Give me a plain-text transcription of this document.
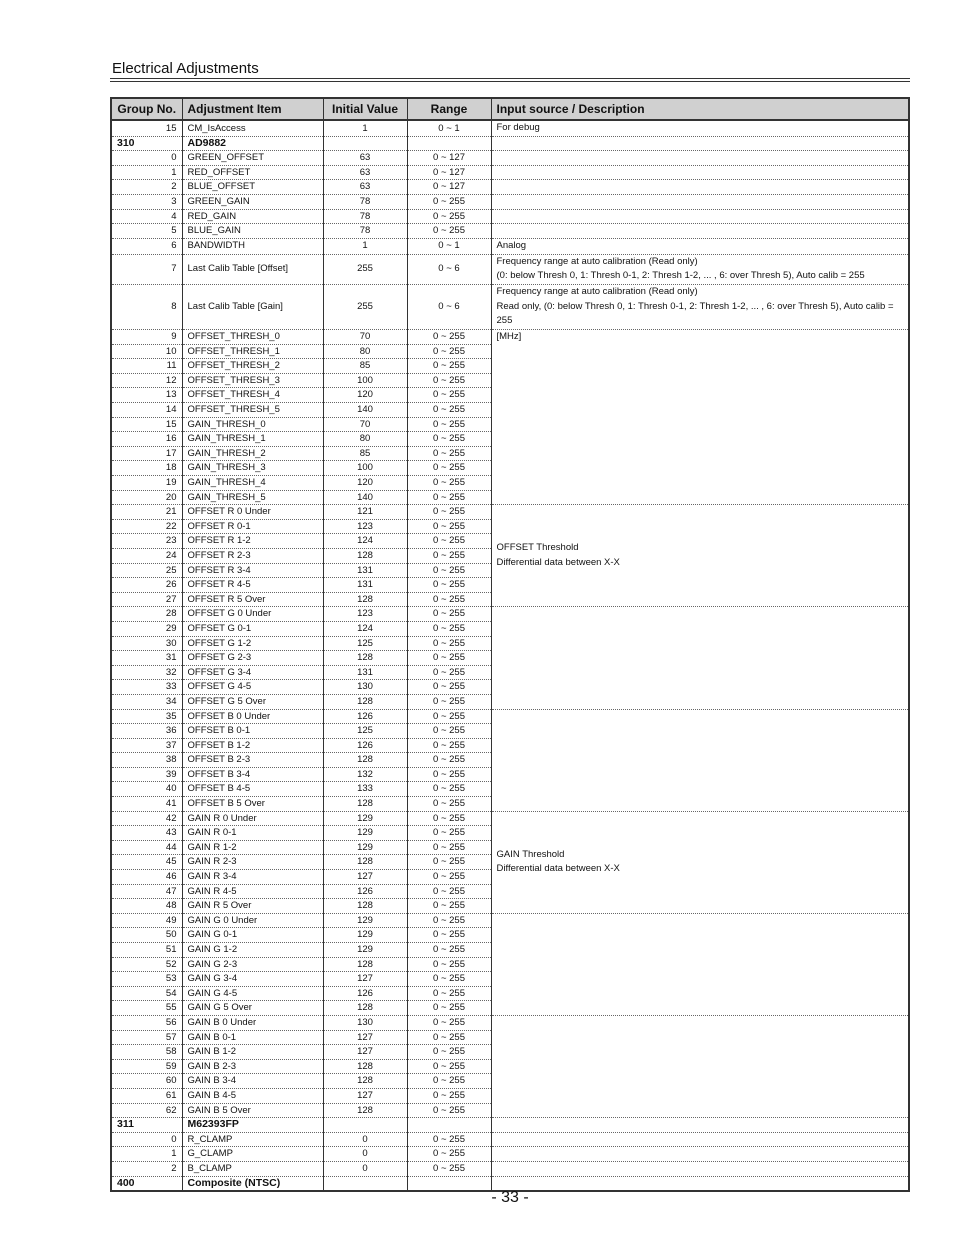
Electrical Adjustments
Group No.	Adjustment Item	Initial Value	Range	Input source / Description
15	CM_IsAccess	1	0 ~ 1	For debug

310	AD9882			
0	GREEN_OFFSET	63	0 ~ 127	
1	RED_OFFSET	63	0 ~ 127	
2	BLUE_OFFSET	63	0 ~ 127	
3	GREEN_GAIN	78	0 ~ 255	
4	RED_GAIN	78	0 ~ 255	
5	BLUE_GAIN	78	0 ~ 255	
6	BANDWIDTH	1	0 ~ 1	Analog

7	Last Calib Table [Offset]	255	0 ~ 6	Frequency range at auto calibration (Read only)
(0: below Thresh 0, 1: Thresh 0-1, 2: Thresh 1-2, ... , 6: over Thresh 5), Auto calib = 255

8	Last Calib Table [Gain]	255	0 ~ 6	Frequency range at auto calibration (Read only)
Read only, (0: below Thresh 0, 1: Thresh 0-1, 2: Thresh 1-2, ... , 6: over Thresh 5), Auto calib = 255

9	OFFSET_THRESH_0	70	0 ~ 255	[MHz]

10	OFFSET_THRESH_1	80	0 ~ 255	
11	OFFSET_THRESH_2	85	0 ~ 255	
12	OFFSET_THRESH_3	100	0 ~ 255	
13	OFFSET_THRESH_4	120	0 ~ 255	
14	OFFSET_THRESH_5	140	0 ~ 255	
15	GAIN_THRESH_0	70	0 ~ 255	
16	GAIN_THRESH_1	80	0 ~ 255	
17	GAIN_THRESH_2	85	0 ~ 255	
18	GAIN_THRESH_3	100	0 ~ 255	
19	GAIN_THRESH_4	120	0 ~ 255	
20	GAIN_THRESH_5	140	0 ~ 255	
21	OFFSET R 0 Under	121	0 ~ 255	OFFSET Threshold
Differential data between X-X

22	OFFSET R 0-1	123	0 ~ 255	
23	OFFSET R 1-2	124	0 ~ 255	
24	OFFSET R 2-3	128	0 ~ 255	
25	OFFSET R 3-4	131	0 ~ 255	
26	OFFSET R 4-5	131	0 ~ 255	
27	OFFSET R 5 Over	128	0 ~ 255	
28	OFFSET G 0 Under	123	0 ~ 255	
29	OFFSET G 0-1	124	0 ~ 255	
30	OFFSET G 1-2	125	0 ~ 255	
31	OFFSET G 2-3	128	0 ~ 255	
32	OFFSET G 3-4	131	0 ~ 255	
33	OFFSET G 4-5	130	0 ~ 255	
34	OFFSET G 5 Over	128	0 ~ 255	
35	OFFSET B 0 Under	126	0 ~ 255	
36	OFFSET B 0-1	125	0 ~ 255	
37	OFFSET B 1-2	126	0 ~ 255	
38	OFFSET B 2-3	128	0 ~ 255	
39	OFFSET B 3-4	132	0 ~ 255	
40	OFFSET B 4-5	133	0 ~ 255	
41	OFFSET B 5 Over	128	0 ~ 255	
42	GAIN R 0 Under	129	0 ~ 255	GAIN Threshold
Differential data between X-X

43	GAIN R 0-1	129	0 ~ 255	
44	GAIN R 1-2	129	0 ~ 255	
45	GAIN R 2-3	128	0 ~ 255	
46	GAIN R 3-4	127	0 ~ 255	
47	GAIN R 4-5	126	0 ~ 255	
48	GAIN R 5 Over	128	0 ~ 255	
49	GAIN G 0 Under	129	0 ~ 255	
50	GAIN G 0-1	129	0 ~ 255	
51	GAIN G 1-2	129	0 ~ 255	
52	GAIN G 2-3	128	0 ~ 255	
53	GAIN G 3-4	127	0 ~ 255	
54	GAIN G 4-5	126	0 ~ 255	
55	GAIN G 5 Over	128	0 ~ 255	
56	GAIN B 0 Under	130	0 ~ 255	
57	GAIN B 0-1	127	0 ~ 255	
58	GAIN B 1-2	127	0 ~ 255	
59	GAIN B 2-3	128	0 ~ 255	
60	GAIN B 3-4	128	0 ~ 255	
61	GAIN B 4-5	127	0 ~ 255	
62	GAIN B 5 Over	128	0 ~ 255	
311	M62393FP			
0	R_CLAMP	0	0 ~ 255	
1	G_CLAMP	0	0 ~ 255	
2	B_CLAMP	0	0 ~ 255	
400	Composite (NTSC)			
- 33 -
